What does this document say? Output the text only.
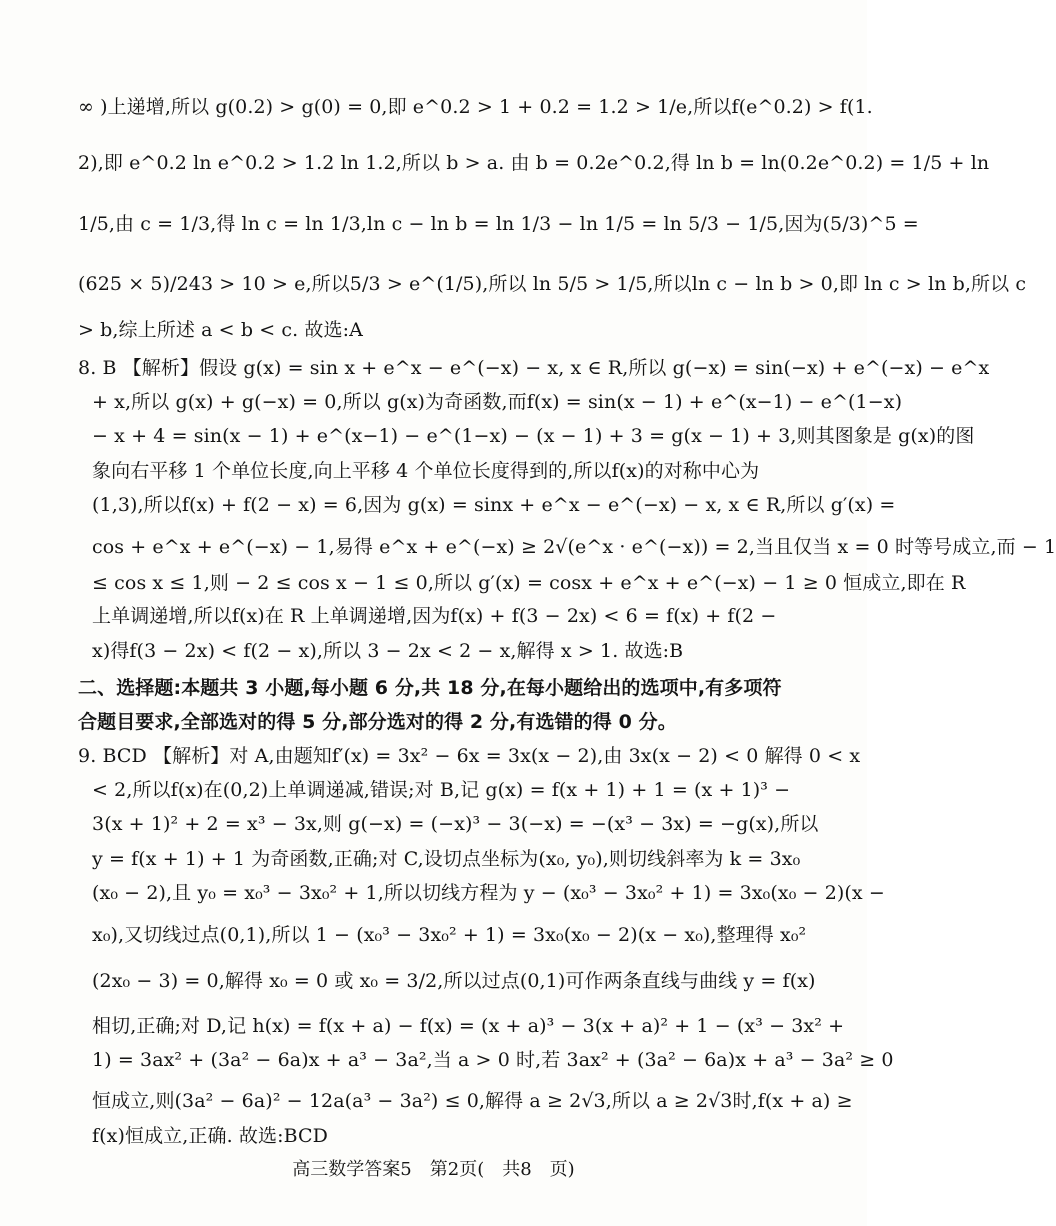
∞ )上递增,所以 g(0.2) > g(0) = 0,即 e^0.2 > 1 + 0.2 = 1.2 > 1/e,所以f(e^0.2) > f(1.
2),即 e^0.2 ln e^0.2 > 1.2 ln 1.2,所以 b > a. 由 b = 0.2e^0.2,得 ln b = ln(0.2e^0.2) = 1/5 + ln
1/5,由 c = 1/3,得 ln c = ln 1/3,ln c − ln b = ln 1/3 − ln 1/5 = ln 5/3 − 1/5,因为(5/3)^5 =
(625 × 5)/243 > 10 > e,所以5/3 > e^(1/5),所以 ln 5/5 > 1/5,所以ln c − ln b > 0,即 ln c > ln b,所以 c
> b,综上所述 a < b < c. 故选:A
8. B 【解析】假设 g(x) = sin x + e^x − e^(−x) − x, x ∈ R,所以 g(−x) = sin(−x) + e^(−x) − e^x
+ x,所以 g(x) + g(−x) = 0,所以 g(x)为奇函数,而f(x) = sin(x − 1) + e^(x−1) − e^(1−x)
− x + 4 = sin(x − 1) + e^(x−1) − e^(1−x) − (x − 1) + 3 = g(x − 1) + 3,则其图象是 g(x)的图
象向右平移 1 个单位长度,向上平移 4 个单位长度得到的,所以f(x)的对称中心为
(1,3),所以f(x) + f(2 − x) = 6,因为 g(x) = sinx + e^x − e^(−x) − x, x ∈ R,所以 g′(x) =
cos + e^x + e^(−x) − 1,易得 e^x + e^(−x) ≥ 2√(e^x · e^(−x)) = 2,当且仅当 x = 0 时等号成立,而 − 1
≤ cos x ≤ 1,则 − 2 ≤ cos x − 1 ≤ 0,所以 g′(x) = cosx + e^x + e^(−x) − 1 ≥ 0 恒成立,即在 R
上单调递增,所以f(x)在 R 上单调递增,因为f(x) + f(3 − 2x) < 6 = f(x) + f(2 −
x)得f(3 − 2x) < f(2 − x),所以 3 − 2x < 2 − x,解得 x > 1. 故选:B
二、选择题:本题共 3 小题,每小题 6 分,共 18 分,在每小题给出的选项中,有多项符
合题目要求,全部选对的得 5 分,部分选对的得 2 分,有选错的得 0 分。
9. BCD 【解析】对 A,由题知f′(x) = 3x² − 6x = 3x(x − 2),由 3x(x − 2) < 0 解得 0 < x
< 2,所以f(x)在(0,2)上单调递减,错误;对 B,记 g(x) = f(x + 1) + 1 = (x + 1)³ −
3(x + 1)² + 2 = x³ − 3x,则 g(−x) = (−x)³ − 3(−x) = −(x³ − 3x) = −g(x),所以
y = f(x + 1) + 1 为奇函数,正确;对 C,设切点坐标为(x₀, y₀),则切线斜率为 k = 3x₀
(x₀ − 2),且 y₀ = x₀³ − 3x₀² + 1,所以切线方程为 y − (x₀³ − 3x₀² + 1) = 3x₀(x₀ − 2)(x −
x₀),又切线过点(0,1),所以 1 − (x₀³ − 3x₀² + 1) = 3x₀(x₀ − 2)(x − x₀),整理得 x₀²
(2x₀ − 3) = 0,解得 x₀ = 0 或 x₀ = 3/2,所以过点(0,1)可作两条直线与曲线 y = f(x)
相切,正确;对 D,记 h(x) = f(x + a) − f(x) = (x + a)³ − 3(x + a)² + 1 − (x³ − 3x² +
1) = 3ax² + (3a² − 6a)x + a³ − 3a²,当 a > 0 时,若 3ax² + (3a² − 6a)x + a³ − 3a² ≥ 0
恒成立,则(3a² − 6a)² − 12a(a³ − 3a²) ≤ 0,解得 a ≥ 2√3,所以 a ≥ 2√3时,f(x + a) ≥
f(x)恒成立,正确. 故选:BCD
高三数学答案5　第2页(　共8　页)
